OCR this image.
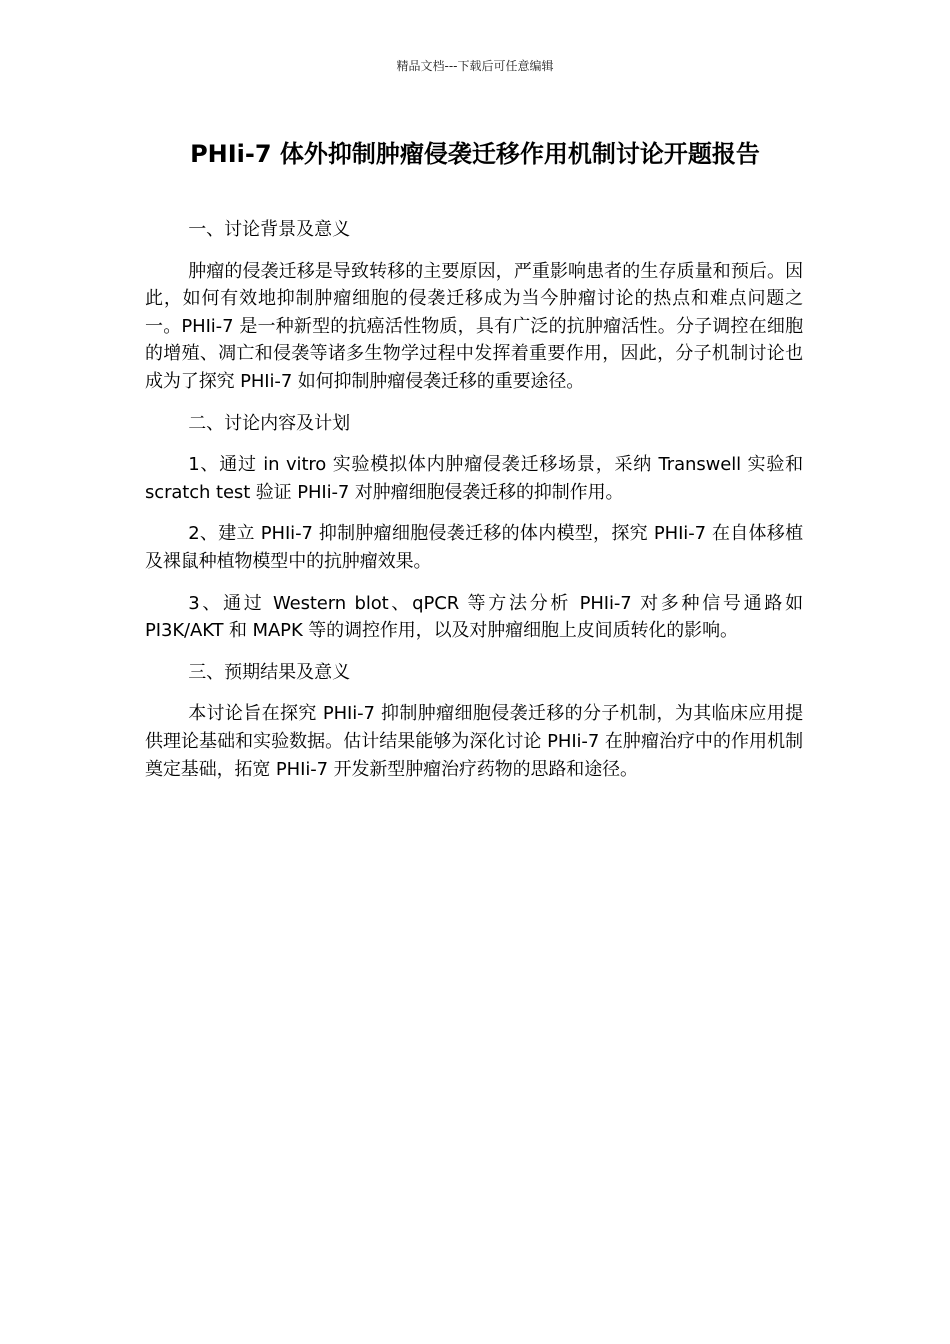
精品文档---下载后可任意编辑
PHIi-7 体外抑制肿瘤侵袭迁移作用机制讨论开题报告

一、讨论背景及意义

肿瘤的侵袭迁移是导致转移的主要原因，严重影响患者的生存质量和预后。因此，如何有效地抑制肿瘤细胞的侵袭迁移成为当今肿瘤讨论的热点和难点问题之一。PHIi-7 是一种新型的抗癌活性物质，具有广泛的抗肿瘤活性。分子调控在细胞的增殖、凋亡和侵袭等诸多生物学过程中发挥着重要作用，因此，分子机制讨论也成为了探究 PHIi-7 如何抑制肿瘤侵袭迁移的重要途径。

二、讨论内容及计划

1、通过 in vitro 实验模拟体内肿瘤侵袭迁移场景，采纳 Transwell 实验和 scratch test 验证 PHIi-7 对肿瘤细胞侵袭迁移的抑制作用。

2、建立 PHIi-7 抑制肿瘤细胞侵袭迁移的体内模型，探究 PHIi-7 在自体移植及裸鼠种植物模型中的抗肿瘤效果。

3、通过 Western blot、qPCR 等方法分析 PHIi-7 对多种信号通路如 PI3K/AKT 和 MAPK 等的调控作用，以及对肿瘤细胞上皮间质转化的影响。

三、预期结果及意义

本讨论旨在探究 PHIi-7 抑制肿瘤细胞侵袭迁移的分子机制，为其临床应用提供理论基础和实验数据。估计结果能够为深化讨论 PHIi-7 在肿瘤治疗中的作用机制奠定基础，拓宽 PHIi-7 开发新型肿瘤治疗药物的思路和途径。
